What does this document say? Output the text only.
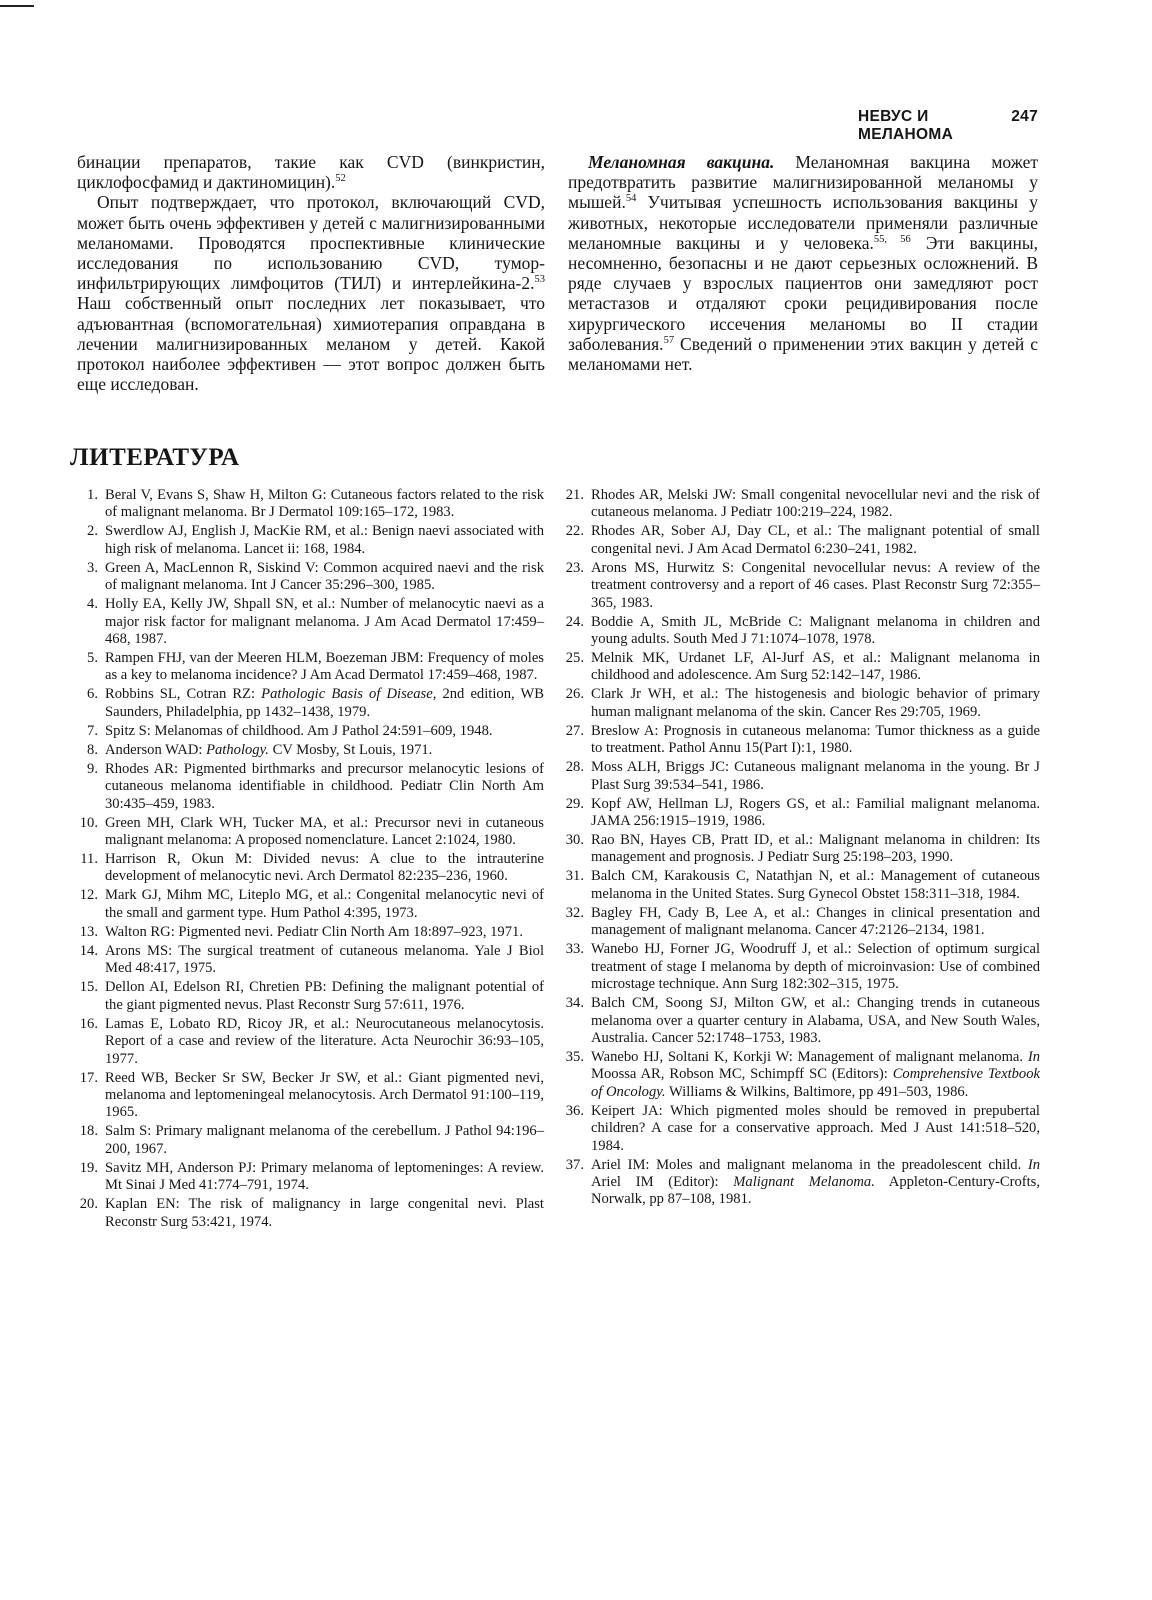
НЕВУС И МЕЛАНОМА
247

бинации препаратов, такие как CVD (винкристин, циклофосфамид и дактиномицин).$^{52}$

Опыт подтверждает, что протокол, включающий CVD, может быть очень эффективен у детей с малигнизированными меланомами. Проводятся проспективные клинические исследования по использованию CVD, тумор-инфильтрирующих лимфоцитов (ТИЛ) и интерлейкина-2.53 Наш собственный опыт последних лет показывает, что адъювантная (вспомогательная) химиотерапия оправдана в лечении малигнизированных меланом у детей. Какой протокол наиболее эффективен — этот вопрос должен быть еще исследован.

Меланомная вакцина. Меланомная вакцина может предотвратить развитие малигнизированной меланомы у мышей.$^{54}$ Учитывая успешность использования вакцины у животных, некоторые исследователи применяли различные меланомные вакцины и у человека.$^{55, 56}$ Эти вакцины, несомненно, безопасны и не дают серьезных осложнений. В ряде случаев у взрослых пациентов они замедляют рост метастазов и отдаляют сроки рецидивирования после хирургического иссечения меланомы во II стадии заболевания.$^{57}$ Сведений о применении этих вакцин у детей с меланомами нет.

ЛИТЕРАТУРА
1. Beral V, Evans S, Shaw H, Milton G: Cutaneous factors related to the risk of malignant melanoma. Br J Dermatol 109:165–172, 1983.
2. Swerdlow AJ, English J, MacKie RM, et al.: Benign naevi associated with high risk of melanoma. Lancet ii: 168, 1984.
3. Green A, MacLennon R, Siskind V: Common acquired naevi and the risk of malignant melanoma. Int J Cancer 35:296–300, 1985.
4. Holly EA, Kelly JW, Shpall SN, et al.: Number of melanocytic naevi as a major risk factor for malignant melanoma. J Am Acad Dermatol 17:459–468, 1987.
5. Rampen FHJ, van der Meeren HLM, Boezeman JBM: Frequency of moles as a key to melanoma incidence? J Am Acad Dermatol 17:459–468, 1987.
6. Robbins SL, Cotran RZ: Pathologic Basis of Disease, 2nd edition, WB Saunders, Philadelphia, pp 1432–1438, 1979.
7. Spitz S: Melanomas of childhood. Am J Pathol 24:591–609, 1948.
8. Anderson WAD: Pathology. CV Mosby, St Louis, 1971.
9. Rhodes AR: Pigmented birthmarks and precursor melanocytic lesions of cutaneous melanoma identifiable in childhood. Pediatr Clin North Am 30:435–459, 1983.
10. Green MH, Clark WH, Tucker MA, et al.: Precursor nevi in cutaneous malignant melanoma: A proposed nomenclature. Lancet 2:1024, 1980.
11. Harrison R, Okun M: Divided nevus: A clue to the intrauterine development of melanocytic nevi. Arch Dermatol 82:235–236, 1960.
12. Mark GJ, Mihm MC, Liteplo MG, et al.: Congenital melanocytic nevi of the small and garment type. Hum Pathol 4:395, 1973.
13. Walton RG: Pigmented nevi. Pediatr Clin North Am 18:897–923, 1971.
14. Arons MS: The surgical treatment of cutaneous melanoma. Yale J Biol Med 48:417, 1975.
15. Dellon AI, Edelson RI, Chretien PB: Defining the malignant potential of the giant pigmented nevus. Plast Reconstr Surg 57:611, 1976.
16. Lamas E, Lobato RD, Ricoy JR, et al.: Neurocutaneous melanocytosis. Report of a case and review of the literature. Acta Neurochir 36:93–105, 1977.
17. Reed WB, Becker Sr SW, Becker Jr SW, et al.: Giant pigmented nevi, melanoma and leptomeningeal melanocytosis. Arch Dermatol 91:100–119, 1965.
18. Salm S: Primary malignant melanoma of the cerebellum. J Pathol 94:196–200, 1967.
19. Savitz MH, Anderson PJ: Primary melanoma of leptomeninges: A review. Mt Sinai J Med 41:774–791, 1974.
20. Kaplan EN: The risk of malignancy in large congenital nevi. Plast Reconstr Surg 53:421, 1974.
21. Rhodes AR, Melski JW: Small congenital nevocellular nevi and the risk of cutaneous melanoma. J Pediatr 100:219–224, 1982.
22. Rhodes AR, Sober AJ, Day CL, et al.: The malignant potential of small congenital nevi. J Am Acad Dermatol 6:230–241, 1982.
23. Arons MS, Hurwitz S: Congenital nevocellular nevus: A review of the treatment controversy and a report of 46 cases. Plast Reconstr Surg 72:355–365, 1983.
24. Boddie A, Smith JL, McBride C: Malignant melanoma in children and young adults. South Med J 71:1074–1078, 1978.
25. Melnik MK, Urdanet LF, Al-Jurf AS, et al.: Malignant melanoma in childhood and adolescence. Am Surg 52:142–147, 1986.
26. Clark Jr WH, et al.: The histogenesis and biologic behavior of primary human malignant melanoma of the skin. Cancer Res 29:705, 1969.
27. Breslow A: Prognosis in cutaneous melanoma: Tumor thickness as a guide to treatment. Pathol Annu 15(Part I):1, 1980.
28. Moss ALH, Briggs JC: Cutaneous malignant melanoma in the young. Br J Plast Surg 39:534–541, 1986.
29. Kopf AW, Hellman LJ, Rogers GS, et al.: Familial malignant melanoma. JAMA 256:1915–1919, 1986.
30. Rao BN, Hayes CB, Pratt ID, et al.: Malignant melanoma in children: Its management and prognosis. J Pediatr Surg 25:198–203, 1990.
31. Balch CM, Karakousis C, Natathjan N, et al.: Management of cutaneous melanoma in the United States. Surg Gynecol Obstet 158:311–318, 1984.
32. Bagley FH, Cady B, Lee A, et al.: Changes in clinical presentation and management of malignant melanoma. Cancer 47:2126–2134, 1981.
33. Wanebo HJ, Forner JG, Woodruff J, et al.: Selection of optimum surgical treatment of stage I melanoma by depth of microinvasion: Use of combined microstage technique. Ann Surg 182:302–315, 1975.
34. Balch CM, Soong SJ, Milton GW, et al.: Changing trends in cutaneous melanoma over a quarter century in Alabama, USA, and New South Wales, Australia. Cancer 52:1748–1753, 1983.
35. Wanebo HJ, Soltani K, Korkji W: Management of malignant melanoma. In Moossa AR, Robson MC, Schimpff SC (Editors): Comprehensive Textbook of Oncology. Williams & Wilkins, Baltimore, pp 491–503, 1986.
36. Keipert JA: Which pigmented moles should be removed in prepubertal children? A case for a conservative approach. Med J Aust 141:518–520, 1984.
37. Ariel IM: Moles and malignant melanoma in the preadolescent child. In Ariel IM (Editor): Malignant Melanoma. Appleton-Century-Crofts, Norwalk, pp 87–108, 1981.
